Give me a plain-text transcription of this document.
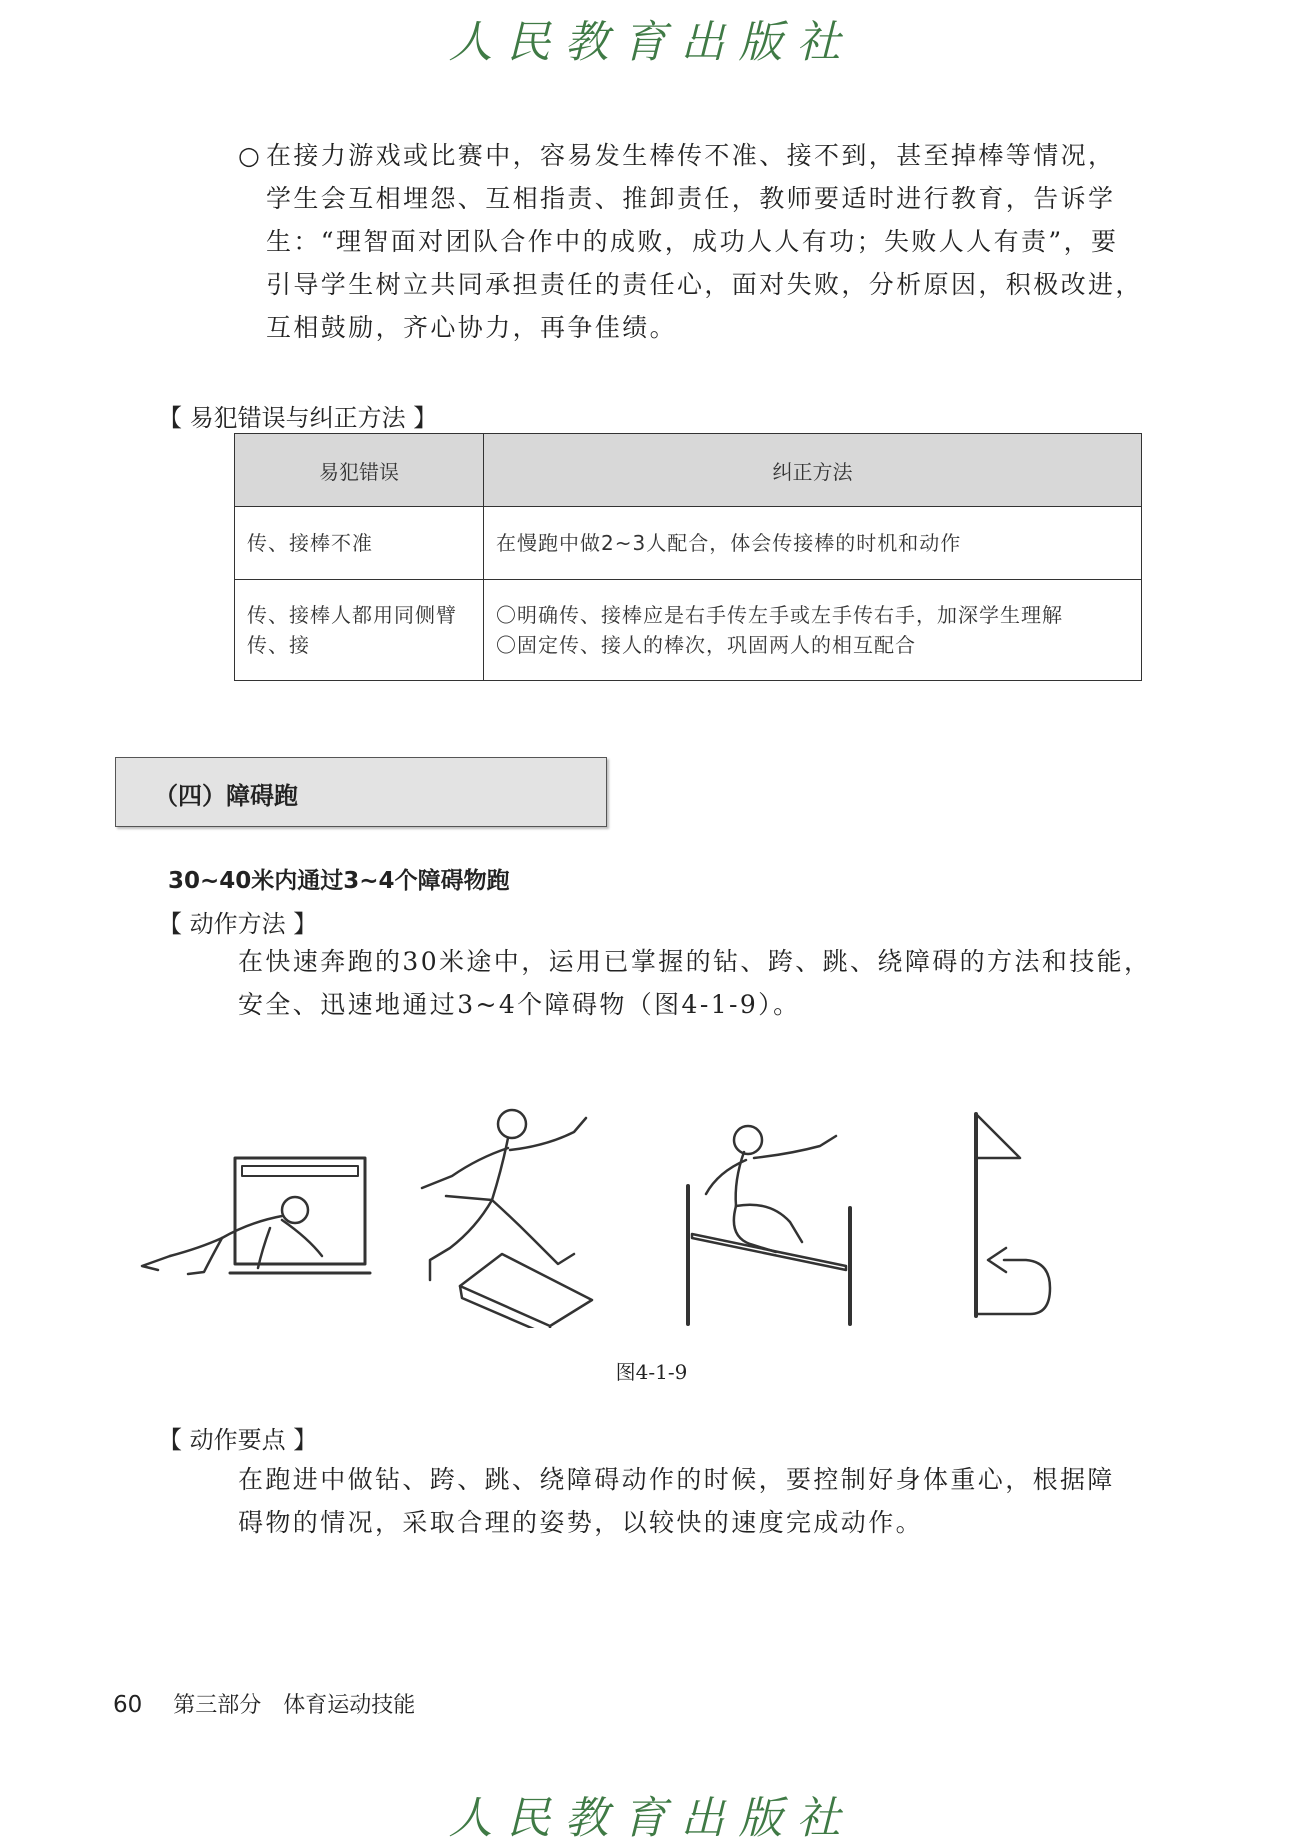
人民教育出版社
○ 在接力游戏或比赛中，容易发生棒传不准、接不到，甚至掉棒等情况，
学生会互相埋怨、互相指责、推卸责任，教师要适时进行教育，告诉学
生：“理智面对团队合作中的成败，成功人人有功；失败人人有责”，要
引导学生树立共同承担责任的责任心，面对失败，分析原因，积极改进，
互相鼓励，齐心协力，再争佳绩。
【 易犯错误与纠正方法 】
易犯错误	纠正方法

传、接棒不准	在慢跑中做2~3人配合，体会传接棒的时机和动作

传、接棒人都用同侧臂
传、接	〇明确传、接棒应是右手传左手或左手传右手，加深学生理解
〇固定传、接人的棒次，巩固两人的相互配合
（四）障碍跑
30~40米内通过3~4个障碍物跑
【 动作方法 】
在快速奔跑的30米途中，运用已掌握的钻、跨、跳、绕障碍的方法和技能，
安全、迅速地通过3~4个障碍物（图4-1-9）。
图4-1-9
【 动作要点 】
在跑进中做钻、跨、跳、绕障碍动作的时候，要控制好身体重心，根据障
碍物的情况，采取合理的姿势，以较快的速度完成动作。
60 第三部分　体育运动技能
人民教育出版社
